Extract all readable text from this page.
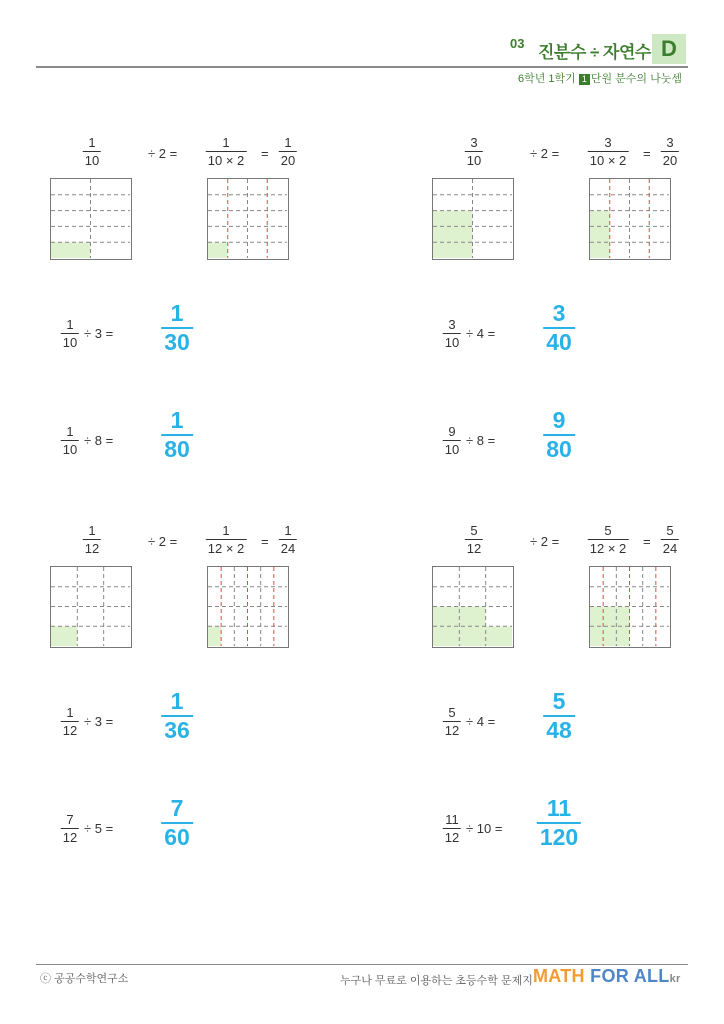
03 진분수 ÷ 자연수 D
6학년 1학기 1 단원 분수의 나눗셈
1
10	÷ 2 =
1
10 × 2 =
1
20
3
10	÷ 2 =
3
10 × 2 =
3
20
1
10
÷ 3 =
1
30
3
10
÷ 4 =
3
40
1
10
÷ 8 =
1
80
9
10
÷ 8 =
9
80
1
12	÷ 2 =
1
12 × 2 =
1
24
5
12	÷ 2 =
5
12 × 2 =
5
24
1
12
÷ 3 =
1
36
5
12
÷ 4 =
5
48
7
12
÷ 5 =
7
60
11
12
÷ 10 =
11
120
ⓒ 공공수학연구소	누구나 무료로 이용하는 초등수학 문제지 MATH FOR ALLkr
